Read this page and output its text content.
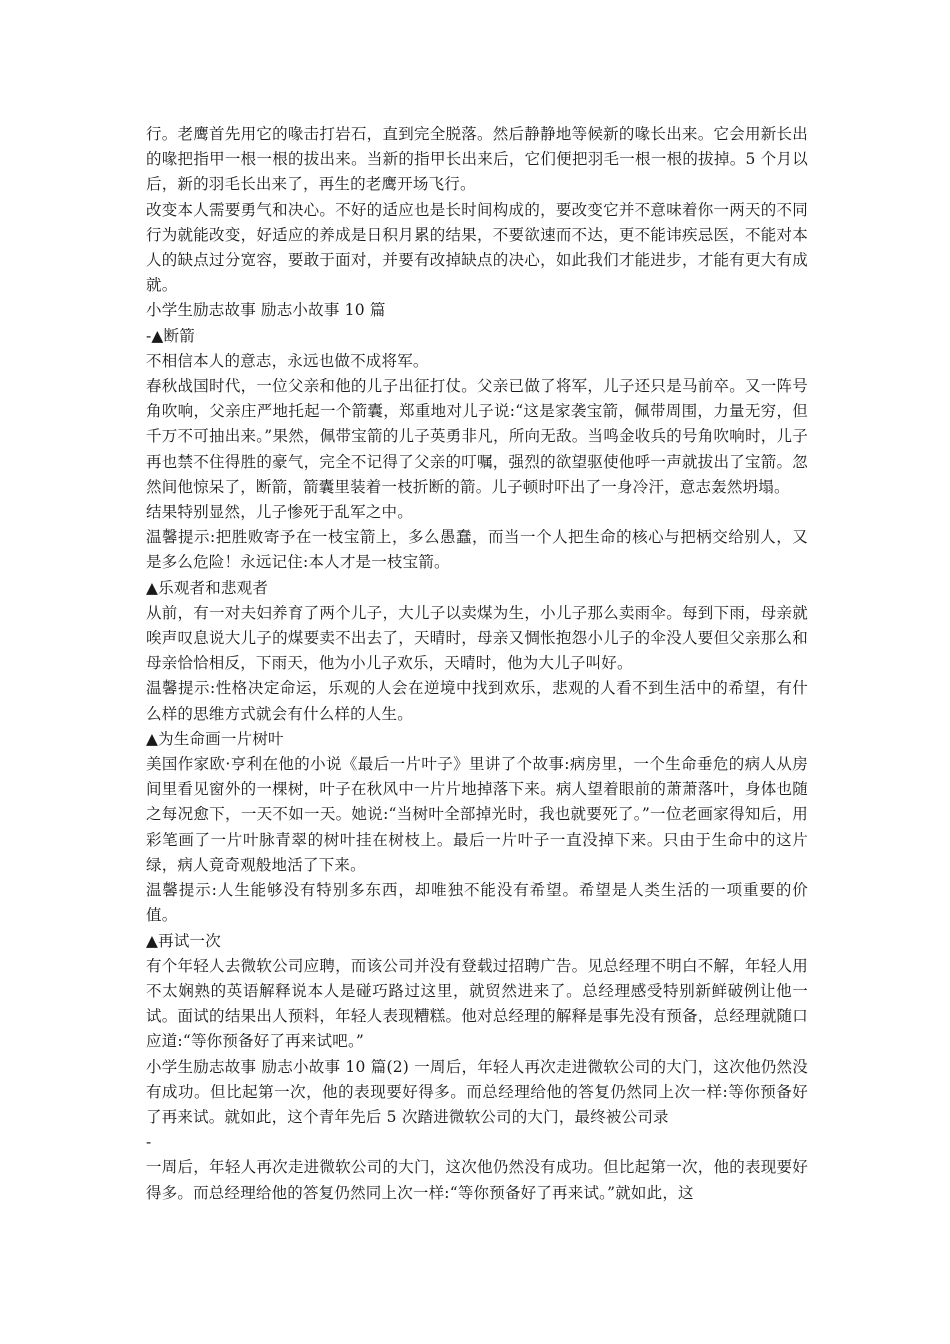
行。老鹰首先用它的喙击打岩石，直到完全脱落。然后静静地等候新的喙长出来。它会用新长出的喙把指甲一根一根的拔出来。当新的指甲长出来后，它们便把羽毛一根一根的拔掉。5 个月以后，新的羽毛长出来了，再生的老鹰开场飞行。

改变本人需要勇气和决心。不好的适应也是长时间构成的，要改变它并不意味着你一两天的不同行为就能改变，好适应的养成是日积月累的结果，不要欲速而不达，更不能讳疾忌医，不能对本人的缺点过分宽容，要敢于面对，并要有改掉缺点的决心，如此我们才能进步，才能有更大有成就。

小学生励志故事 励志小故事 10 篇

-▲断箭

不相信本人的意志，永远也做不成将军。

春秋战国时代，一位父亲和他的儿子出征打仗。父亲已做了将军，儿子还只是马前卒。又一阵号角吹响，父亲庄严地托起一个箭囊，郑重地对儿子说:“这是家袭宝箭，佩带周围，力量无穷，但千万不可抽出来。”果然，佩带宝箭的儿子英勇非凡，所向无敌。当鸣金收兵的号角吹响时，儿子再也禁不住得胜的豪气，完全不记得了父亲的叮嘱，强烈的欲望驱使他呼一声就拔出了宝箭。忽然间他惊呆了，断箭，箭囊里装着一枝折断的箭。儿子顿时吓出了一身冷汗，意志轰然坍塌。

结果特别显然，儿子惨死于乱军之中。

温馨提示:把胜败寄予在一枝宝箭上，多么愚蠢，而当一个人把生命的核心与把柄交给别人，又是多么危险！永远记住:本人才是一枝宝箭。

▲乐观者和悲观者

从前，有一对夫妇养育了两个儿子，大儿子以卖煤为生，小儿子那么卖雨伞。每到下雨，母亲就唉声叹息说大儿子的煤要卖不出去了，天晴时，母亲又惆怅抱怨小儿子的伞没人要但父亲那么和母亲恰恰相反，下雨天，他为小儿子欢乐，天晴时，他为大儿子叫好。

温馨提示:性格决定命运，乐观的人会在逆境中找到欢乐，悲观的人看不到生活中的希望，有什么样的思维方式就会有什么样的人生。

▲为生命画一片树叶

美国作家欧·亨利在他的小说《最后一片叶子》里讲了个故事:病房里，一个生命垂危的病人从房间里看见窗外的一棵树，叶子在秋风中一片片地掉落下来。病人望着眼前的萧萧落叶，身体也随之每况愈下，一天不如一天。她说:“当树叶全部掉光时，我也就要死了。”一位老画家得知后，用彩笔画了一片叶脉青翠的树叶挂在树枝上。最后一片叶子一直没掉下来。只由于生命中的这片绿，病人竟奇观般地活了下来。

温馨提示:人生能够没有特别多东西，却唯独不能没有希望。希望是人类生活的一项重要的价值。

▲再试一次

有个年轻人去微软公司应聘，而该公司并没有登载过招聘广告。见总经理不明白不解，年轻人用不太娴熟的英语解释说本人是碰巧路过这里，就贸然进来了。总经理感受特别新鲜破例让他一试。面试的结果出人预料，年轻人表现糟糕。他对总经理的解释是事先没有预备，总经理就随口应道:“等你预备好了再来试吧。”

小学生励志故事 励志小故事 10 篇(2) 一周后，年轻人再次走进微软公司的大门，这次他仍然没有成功。但比起第一次，他的表现要好得多。而总经理给他的答复仍然同上次一样:等你预备好了再来试。就如此，这个青年先后 5 次踏进微软公司的大门，最终被公司录

-

一周后，年轻人再次走进微软公司的大门，这次他仍然没有成功。但比起第一次，他的表现要好得多。而总经理给他的答复仍然同上次一样:“等你预备好了再来试。”就如此，这
